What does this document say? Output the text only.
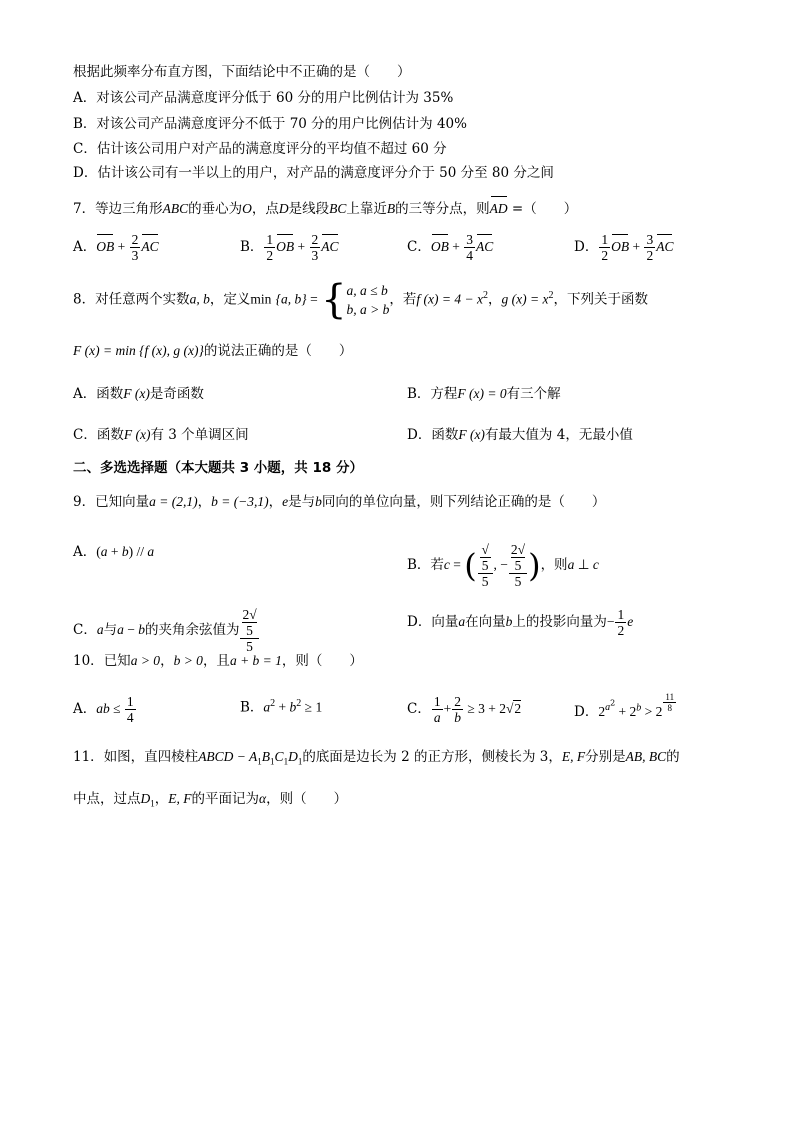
根据此频率分布直方图，下面结论中不正确的是（　　）
A．对该公司产品满意度评分低于 60 分的用户比例估计为 35%
B．对该公司产品满意度评分不低于 70 分的用户比例估计为 40%
C．估计该公司用户对产品的满意度评分的平均值不超过 60 分
D．估计该公司有一半以上的用户，对产品的满意度评分介于 50 分至 80 分之间
7．等边三角形ABC的垂心为O，点D是线段BC上靠近B的三等分点，则AD =（　　）
A．OB + $\frac{2}{3}$ AC	B． $\frac{1}{2}$ OB + $\frac{2}{3}$ AC	C．OB + $\frac{3}{4}$ AC	D． $\frac{1}{2}$ OB + $\frac{3}{2}$ AC
8．对任意两个实数a, b，定义min {a, b} = {a, a ≤ b
b, a > b，若f $(x) = 4 - x^2$，g $(x) = x^2$，下列关于函数
F (x) = min {f (x), g (x)}的说法正确的是（　　）
A．函数F (x)是奇函数	B．方程F (x) = 0有三个解
C．函数F (x)有 3 个单调区间	D．函数F (x)有最大值为 4，无最小值
二、多选选择题（本大题共 3 小题，共 18 分）
9．已知向量a = (2,1)，b = (−3,1)，e是与b同向的单位向量，则下列结论正确的是（　　）
A．(a + b) // a
B．若c = ( √
5
5 , − 2√
5
5 )，则a ⊥ c
C．a与a − b的夹角余弦值为 2√
5
5	D．向量a在向量b上的投影向量为− $\frac{1}{2}$ e
10．已知a > 0，b > 0，且a + b = 1，则（　　）
A．ab ≤ $\frac{1}{4}$	B．$a^2 + b^2 \ge 1$	C． $\frac{1}{a} + \frac{2}{b} \ge 3 + 2√2$	D．$2^{a^2} + 2^b > 2$ $^{\frac{11}{8}}$
11．如图，直四棱柱ABCD − $A_1B_1C_1D_1$的底面是边长为 2 的正方形，侧棱长为 3，E, F分别是AB, BC的
中点，过点$D_1$，E, F的平面记为α，则（　　）
